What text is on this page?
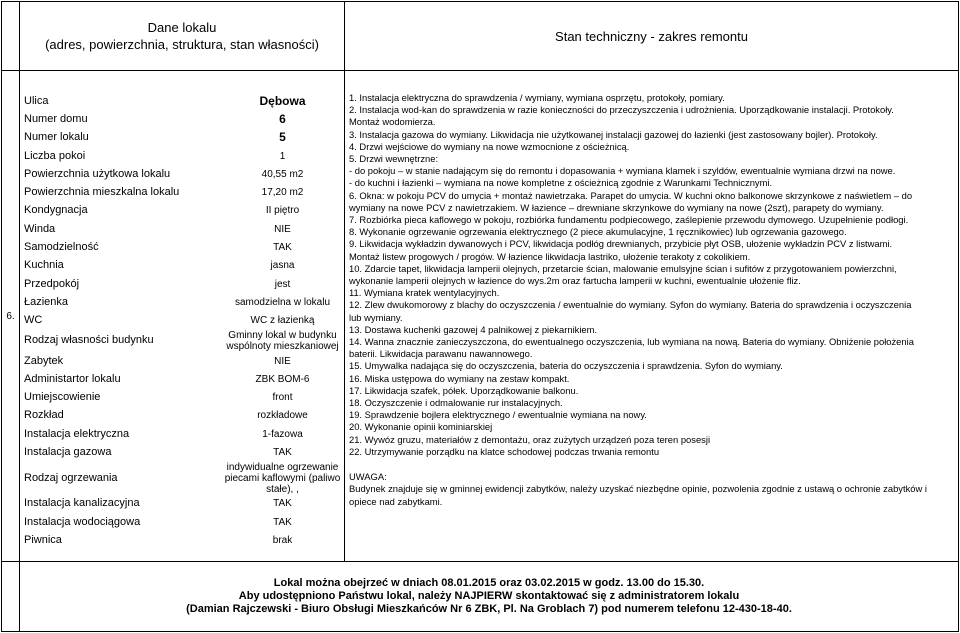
Dane lokalu
(adres, powierzchnia, struktura, stan własności)
	Stan techniczny - zakres remontu
6.	

Ulica	Dębowa
Numer domu	6
Numer lokalu	5
Liczba pokoi	1
Powierzchnia użytkowa lokalu	40,55 m2
Powierzchnia mieszkalna lokalu	17,20 m2
Kondygnacja	II piętro
Winda	NIE
Samodzielność	TAK
Kuchnia	jasna
Przedpokój	jest
Łazienka	samodzielna w lokalu
WC	WC z łazienką
Rodzaj własności budynku	Gminny lokal w budynku wspólnoty mieszkaniowej
Zabytek	NIE
Administartor lokalu	ZBK BOM-6
Umiejscowienie	front
Rozkład	rozkładowe
Instalacja elektryczna	1-fazowa
Instalacja gazowa	TAK
Rodzaj ogrzewania	indywidualne ogrzewanie piecami kaflowymi (paliwo stałe), ,
Instalacja kanalizacyjna	TAK
Instalacja wodociągowa	TAK
Piwnica	brak

1. Instalacja elektryczna do sprawdzenia / wymiany, wymiana osprzętu, protokoły, pomiary.
2. Instalacja wod-kan do sprawdzenia w razie konieczności do przeczyszczenia i udrożnienia. Uporządkowanie instalacji. Protokoły.
Montaż wodomierza.
3. Instalacja gazowa do wymiany. Likwidacja nie użytkowanej instalacji gazowej do łazienki (jest zastosowany bojler). Protokoły.
4. Drzwi wejściowe do wymiany na nowe wzmocnione z ościeżnicą.
5. Drzwi wewnętrzne:
- do pokoju – w stanie nadającym się do remontu i dopasowania + wymiana klamek i szyldów, ewentualnie wymiana drzwi na nowe.
- do kuchni i łazienki – wymiana na nowe kompletne z ościeżnicą zgodnie z Warunkami Technicznymi.
6. Okna: w pokoju PCV do umycia + montaż nawietrzaka. Parapet do umycia. W kuchni okno balkonowe skrzynkowe z naświetlem – do
wymiany na nowe PCV z nawietrzakiem. W łazience – drewniane skrzynkowe do wymiany na nowe (2szt), parapety do wymiany.
7. Rozbiórka pieca kaflowego w pokoju, rozbiórka fundamentu podpiecowego, zaślepienie przewodu dymowego. Uzupełnienie podłogi.
8. Wykonanie ogrzewanie ogrzewania elektrycznego (2 piece akumulacyjne, 1 ręcznikowiec) lub ogrzewania gazowego.
9. Likwidacja wykładzin dywanowych i PCV, likwidacja podłóg drewnianych, przybicie płyt OSB, ułożenie wykładzin PCV z listwami.
Montaż listew progowych / progów. W łazience likwidacja lastriko, ułożenie terakoty z cokolikiem.
10. Zdarcie tapet, likwidacja lamperii olejnych, przetarcie ścian, malowanie emulsyjne ścian i sufitów z przygotowaniem powierzchni,
wykonanie lamperii olejnych w łazience do wys.2m oraz fartucha lamperii w kuchni, ewentualnie ułożenie fliz.
11. Wymiana kratek wentylacyjnych.
12. Zlew dwukomorowy z blachy do oczyszczenia / ewentualnie do wymiany. Syfon do wymiany. Bateria do sprawdzenia i oczyszczenia
lub wymiany.
13. Dostawa kuchenki gazowej 4 palnikowej z piekarnikiem.
14. Wanna znacznie zanieczyszczona, do ewentualnego oczyszczenia, lub wymiana na nową. Bateria do wymiany. Obniżenie położenia
baterii. Likwidacja parawanu nawannowego.
15. Umywalka nadająca się do oczyszczenia, bateria do oczyszczenia i sprawdzenia. Syfon do wymiany.
16. Miska ustępowa do wymiany na zestaw kompakt.
17. Likwidacja szafek, półek. Uporządkowanie balkonu.
18. Oczyszczenie i odmalowanie rur instalacyjnych.
19. Sprawdzenie bojlera elektrycznego / ewentualnie wymiana na nowy.
20. Wykonanie opinii kominiarskiej
21. Wywóz gruzu, materiałów z demontażu, oraz zużytych urządzeń poza teren posesji
22. Utrzymywanie porządku na klatce schodowej podczas trwania remontu
UWAGA:
Budynek znajduje się w gminnej ewidencji zabytków, należy uzyskać niezbędne opinie, pozwolenia zgodnie z ustawą o ochronie zabytków i opiece nad zabytkami.

Lokal można obejrzeć w dniach 08.01.2015 oraz 03.02.2015 w godz. 13.00 do 15.30.
Aby udostępniono Państwu lokal, należy NAJPIERW skontaktować się z administratorem lokalu
(Damian Rajczewski - Biuro Obsługi Mieszkańców Nr 6 ZBK, Pl. Na Groblach 7) pod numerem telefonu 12-430-18-40.
